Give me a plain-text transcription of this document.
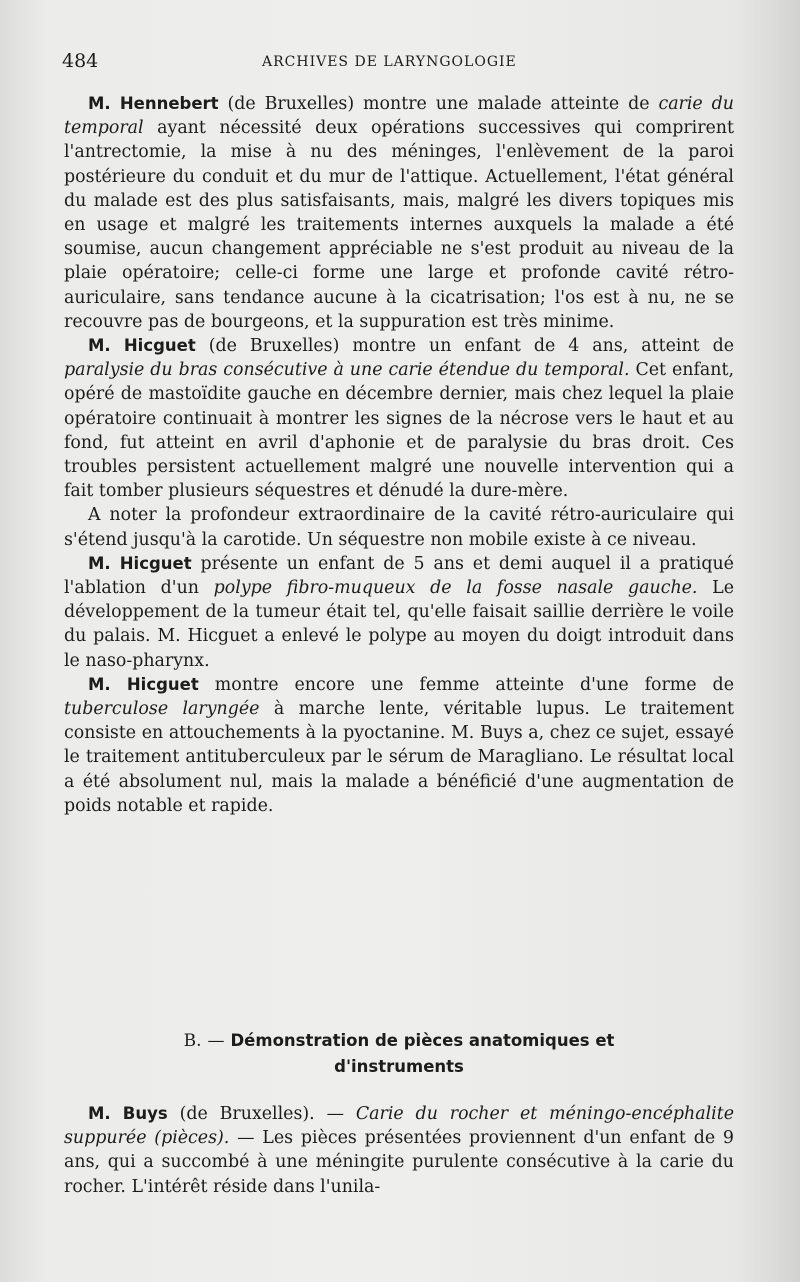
484	ARCHIVES DE LARYNGOLOGIE

M. Hennebert (de Bruxelles) montre une malade atteinte de carie du temporal ayant nécessité deux opérations successives qui comprirent l'antrectomie, la mise à nu des méninges, l'enlèvement de la paroi postérieure du conduit et du mur de l'attique. Actuellement, l'état général du malade est des plus satisfaisants, mais, malgré les divers topiques mis en usage et malgré les traitements internes auxquels la malade a été soumise, aucun changement appréciable ne s'est produit au niveau de la plaie opératoire; celle-ci forme une large et profonde cavité rétro-auriculaire, sans tendance aucune à la cicatrisation; l'os est à nu, ne se recouvre pas de bourgeons, et la suppuration est très minime.

M. Hicguet (de Bruxelles) montre un enfant de 4 ans, atteint de paralysie du bras consécutive à une carie étendue du temporal. Cet enfant, opéré de mastoïdite gauche en décembre dernier, mais chez lequel la plaie opératoire continuait à montrer les signes de la nécrose vers le haut et au fond, fut atteint en avril d'aphonie et de paralysie du bras droit. Ces troubles persistent actuellement malgré une nouvelle intervention qui a fait tomber plusieurs séquestres et dénudé la dure-mère.

A noter la profondeur extraordinaire de la cavité rétro-auriculaire qui s'étend jusqu'à la carotide. Un séquestre non mobile existe à ce niveau.

M. Hicguet présente un enfant de 5 ans et demi auquel il a pratiqué l'ablation d'un polype fibro-muqueux de la fosse nasale gauche. Le développement de la tumeur était tel, qu'elle faisait saillie derrière le voile du palais. M. Hicguet a enlevé le polype au moyen du doigt introduit dans le naso-pharynx.

M. Hicguet montre encore une femme atteinte d'une forme de tuberculose laryngée à marche lente, véritable lupus. Le traitement consiste en attouchements à la pyoctanine. M. Buys a, chez ce sujet, essayé le traitement antituberculeux par le sérum de Maragliano. Le résultat local a été absolument nul, mais la malade a bénéficié d'une augmentation de poids notable et rapide.

B. — Démonstration de pièces anatomiques et
d'instruments

M. Buys (de Bruxelles). — Carie du rocher et méningo-encéphalite suppurée (pièces). — Les pièces présentées proviennent d'un enfant de 9 ans, qui a succombé à une méningite purulente consécutive à la carie du rocher. L'intérêt réside dans l'unila-
